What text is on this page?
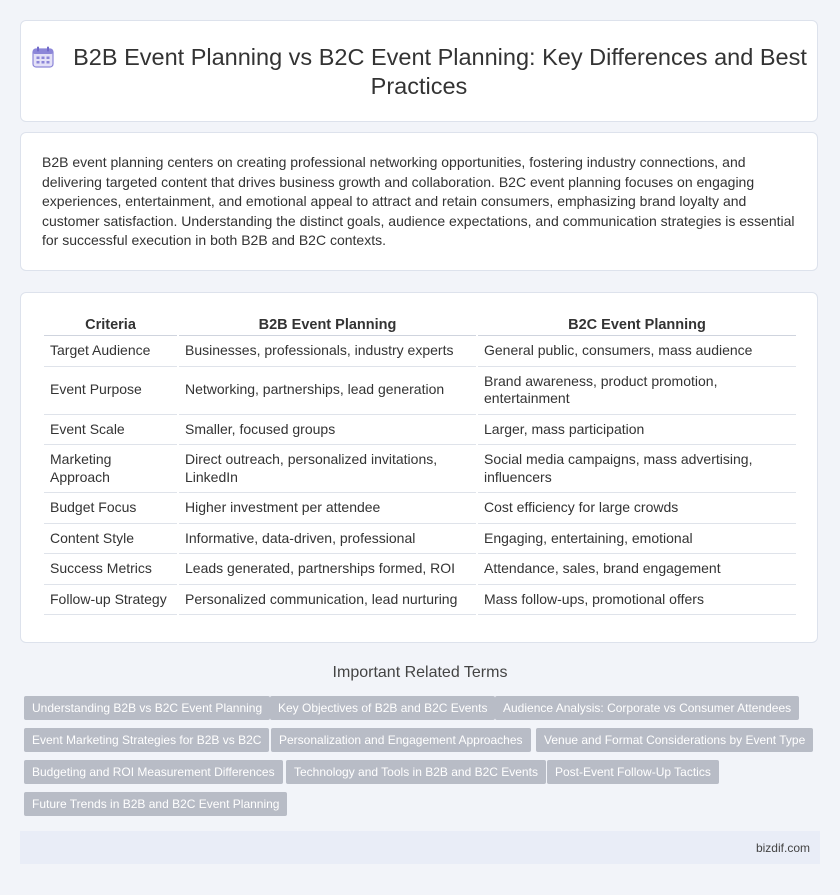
B2B Event Planning vs B2C Event Planning: Key Differences and Best Practices
B2B event planning centers on creating professional networking opportunities, fostering industry connections, and delivering targeted content that drives business growth and collaboration. B2C event planning focuses on engaging experiences, entertainment, and emotional appeal to attract and retain consumers, emphasizing brand loyalty and customer satisfaction. Understanding the distinct goals, audience expectations, and communication strategies is essential for successful execution in both B2B and B2C contexts.
Criteria	B2B Event Planning	B2C Event Planning
Target Audience	Businesses, professionals, industry experts	General public, consumers, mass audience
Event Purpose	Networking, partnerships, lead generation	Brand awareness, product promotion, entertainment
Event Scale	Smaller, focused groups	Larger, mass participation
Marketing Approach	Direct outreach, personalized invitations, LinkedIn	Social media campaigns, mass advertising, influencers
Budget Focus	Higher investment per attendee	Cost efficiency for large crowds
Content Style	Informative, data-driven, professional	Engaging, entertaining, emotional
Success Metrics	Leads generated, partnerships formed, ROI	Attendance, sales, brand engagement
Follow-up Strategy	Personalized communication, lead nurturing	Mass follow-ups, promotional offers
Important Related Terms
Understanding B2B vs B2C Event Planning	Key Objectives of B2B and B2C Events	Audience Analysis: Corporate vs Consumer Attendees
Event Marketing Strategies for B2B vs B2C	Personalization and Engagement Approaches	Venue and Format Considerations by Event Type
Budgeting and ROI Measurement Differences	Technology and Tools in B2B and B2C Events	Post-Event Follow-Up Tactics
Future Trends in B2B and B2C Event Planning
bizdif.com
